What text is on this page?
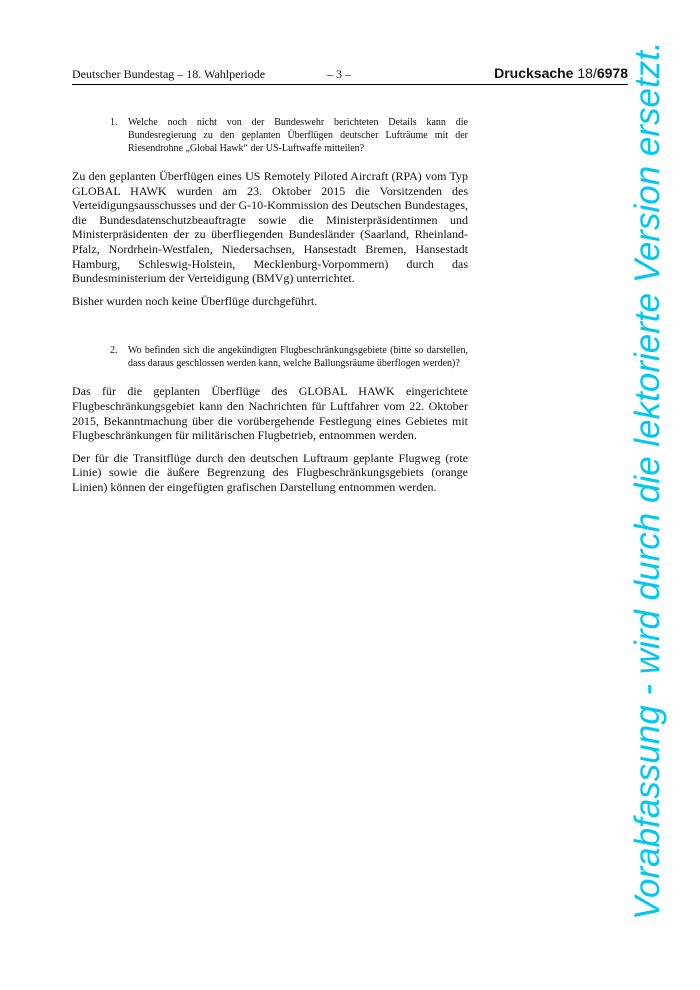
Deutscher Bundestag – 18. Wahlperiode	– 3 –	Drucksache 18/6978
1. Welche noch nicht von der Bundeswehr berichteten Details kann die Bundesregierung zu den geplanten Überflügen deutscher Lufträume mit der Riesendrohne „Global Hawk“ der US-Luftwaffe mitteilen?

Zu den geplanten Überflügen eines US Remotely Piloted Aircraft (RPA) vom Typ GLOBAL HAWK wurden am 23. Oktober 2015 die Vorsitzenden des Verteidigungsausschusses und der G-10-Kommission des Deutschen Bundestages, die Bundesdatenschutzbeauftragte sowie die Ministerpräsidentinnen und Ministerpräsidenten der zu überfliegenden Bundesländer (Saarland, Rheinland-Pfalz, Nordrhein-Westfalen, Niedersachsen, Hansestadt Bremen, Hansestadt Hamburg, Schleswig-Holstein, Mecklenburg-Vorpommern) durch das Bundesministerium der Verteidigung (BMVg) unterrichtet.

Bisher wurden noch keine Überflüge durchgeführt.

2. Wo befinden sich die angekündigten Flugbeschränkungsgebiete (bitte so darstellen, dass daraus geschlossen werden kann, welche Ballungsräume überflogen werden)?

Das für die geplanten Überflüge des GLOBAL HAWK eingerichtete Flugbeschränkungsgebiet kann den Nachrichten für Luftfahrer vom 22. Oktober 2015, Bekanntmachung über die vorübergehende Festlegung eines Gebietes mit Flugbeschränkungen für militärischen Flugbetrieb, entnommen werden.

Der für die Transitflüge durch den deutschen Luftraum geplante Flugweg (rote Linie) sowie die äußere Begrenzung des Flugbeschränkungsgebiets (orange Linien) können der eingefügten grafischen Darstellung entnommen werden.	Vorabfassung - wird durch die lektorierte Version ersetzt.
